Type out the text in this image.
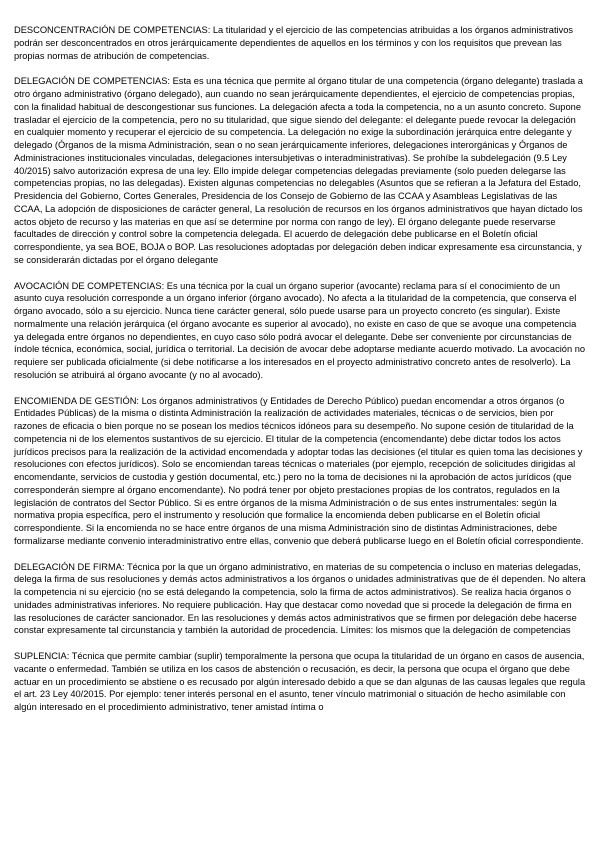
DESCONCENTRACIÓN DE COMPETENCIAS: La titularidad y el ejercicio de las competencias atribuidas a los órganos administrativos podrán ser desconcentrados en otros jerárquicamente dependientes de aquellos en los términos y con los requisitos que prevean las propias normas de atribución de competencias.

DELEGACIÓN DE COMPETENCIAS: Esta es una técnica que permite al órgano titular de una competencia (órgano delegante) traslada a otro órgano administrativo (órgano delegado), aun cuando no sean jerárquicamente dependientes, el ejercicio de competencias propias, con la finalidad habitual de descongestionar sus funciones. La delegación afecta a toda la competencia, no a un asunto concreto. Supone trasladar el ejercicio de la competencia, pero no su titularidad, que sigue siendo del delegante: el delegante puede revocar la delegación en cualquier momento y recuperar el ejercicio de su competencia. La delegación no exige la subordinación jerárquica entre delegante y delegado (Órganos de la misma Administración, sean o no sean jerárquicamente inferiores, delegaciones interorgánicas y Órganos de Administraciones institucionales vinculadas, delegaciones intersubjetivas o interadministrativas). Se prohíbe la subdelegación (9.5 Ley 40/2015) salvo autorización expresa de una ley. Ello impide delegar competencias delegadas previamente (solo pueden delegarse las competencias propias, no las delegadas). Existen algunas competencias no delegables (Asuntos que se refieran a la Jefatura del Estado, Presidencia del Gobierno, Cortes Generales, Presidencia de los Consejo de Gobierno de las CCAA y Asambleas Legislativas de las CCAA, La adopción de disposiciones de carácter general, La resolución de recursos en los órganos administrativos que hayan dictado los actos objeto de recurso y las materias en que así se determine por norma con rango de ley). El órgano delegante puede reservarse facultades de dirección y control sobre la competencia delegada. El acuerdo de delegación debe publicarse en el Boletín oficial correspondiente, ya sea BOE, BOJA o BOP. Las resoluciones adoptadas por delegación deben indicar expresamente esa circunstancia, y se considerarán dictadas por el órgano delegante

AVOCACIÓN DE COMPETENCIAS: Es una técnica por la cual un órgano superior (avocante) reclama para sí el conocimiento de un asunto cuya resolución corresponde a un órgano inferior (órgano avocado). No afecta a la titularidad de la competencia, que conserva el órgano avocado, sólo a su ejercicio. Nunca tiene carácter general, sólo puede usarse para un proyecto concreto (es singular). Existe normalmente una relación jerárquica (el órgano avocante es superior al avocado), no existe en caso de que se avoque una competencia ya delegada entre órganos no dependientes, en cuyo caso sólo podrá avocar el delegante. Debe ser conveniente por circunstancias de índole técnica, económica, social, jurídica o territorial. La decisión de avocar debe adoptarse mediante acuerdo motivado. La avocación no requiere ser publicada oficialmente (si debe notificarse a los interesados en el proyecto administrativo concreto antes de resolverlo). La resolución se atribuirá al órgano avocante (y no al avocado).

ENCOMIENDA DE GESTIÓN: Los órganos administrativos (y Entidades de Derecho Público) puedan encomendar a otros órganos (o Entidades Públicas) de la misma o distinta Administración la realización de actividades materiales, técnicas o de servicios, bien por razones de eficacia o bien porque no se posean los medios técnicos idóneos para su desempeño. No supone cesión de titularidad de la competencia ni de los elementos sustantivos de su ejercicio. El titular de la competencia (encomendante) debe dictar todos los actos jurídicos precisos para la realización de la actividad encomendada y adoptar todas las decisiones (el titular es quien toma las decisiones y resoluciones con efectos jurídicos). Solo se encomiendan tareas técnicas o materiales (por ejemplo, recepción de solicitudes dirigidas al encomendante, servicios de custodia y gestión documental, etc.) pero no la toma de decisiones ni la aprobación de actos jurídicos (que corresponderán siempre al órgano encomendante). No podrá tener por objeto prestaciones propias de los contratos, regulados en la legislación de contratos del Sector Público. Si es entre órganos de la misma Administración o de sus entes instrumentales: según la normativa propia específica, pero el instrumento y resolución que formalice la encomienda deben publicarse en el Boletín oficial correspondiente. Si la encomienda no se hace entre órganos de una misma Administración sino de distintas Administraciones, debe formalizarse mediante convenio interadministrativo entre ellas, convenio que deberá publicarse luego en el Boletín oficial correspondiente.

DELEGACIÓN DE FIRMA: Técnica por la que un órgano administrativo, en materias de su competencia o incluso en materias delegadas, delega la firma de sus resoluciones y demás actos administrativos a los órganos o unidades administrativas que de él dependen. No altera la competencia ni su ejercicio (no se está delegando la competencia, solo la firma de actos administrativos). Se realiza hacia órganos o unidades administrativas inferiores. No requiere publicación. Hay que destacar como novedad que si procede la delegación de firma en las resoluciones de carácter sancionador. En las resoluciones y demás actos administrativos que se firmen por delegación debe hacerse constar expresamente tal circunstancia y también la autoridad de procedencia. Límites: los mismos que la delegación de competencias

SUPLENCIA: Técnica que permite cambiar (suplir) temporalmente la persona que ocupa la titularidad de un órgano en casos de ausencia, vacante o enfermedad. También se utiliza en los casos de abstención o recusación, es decir, la persona que ocupa el órgano que debe actuar en un procedimiento se abstiene o es recusado por algún interesado debido a que se dan algunas de las causas legales que regula el art. 23 Ley 40/2015. Por ejemplo: tener interés personal en el asunto, tener vínculo matrimonial o situación de hecho asimilable con algún interesado en el procedimiento administrativo, tener amistad íntima o
